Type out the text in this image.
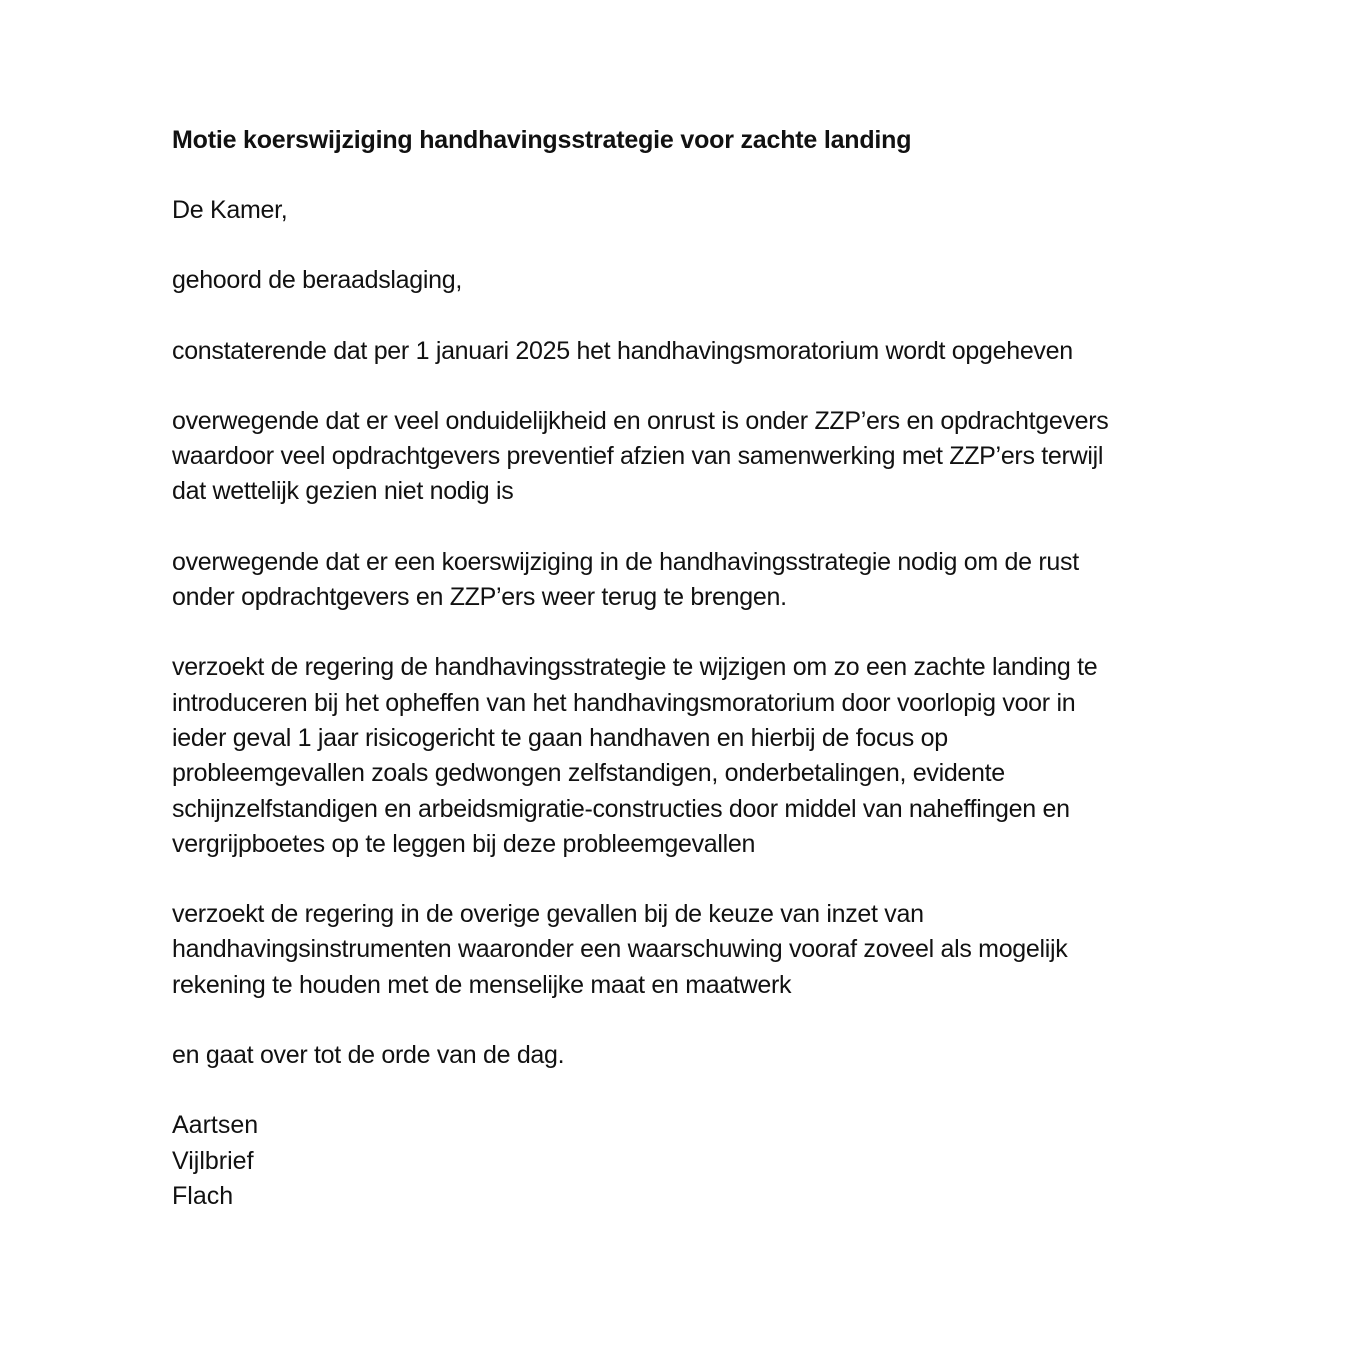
Motie koerswijziging handhavingsstrategie voor zachte landing

De Kamer,

gehoord de beraadslaging,

constaterende dat per 1 januari 2025 het handhavingsmoratorium wordt opgeheven

overwegende dat er veel onduidelijkheid en onrust is onder ZZP’ers en opdrachtgevers
waardoor veel opdrachtgevers preventief afzien van samenwerking met ZZP’ers terwijl
dat wettelijk gezien niet nodig is

overwegende dat er een koerswijziging in de handhavingsstrategie nodig om de rust
onder opdrachtgevers en ZZP’ers weer terug te brengen.

verzoekt de regering de handhavingsstrategie te wijzigen om zo een zachte landing te
introduceren bij het opheffen van het handhavingsmoratorium door voorlopig voor in
ieder geval 1 jaar risicogericht te gaan handhaven en hierbij de focus op
probleemgevallen zoals gedwongen zelfstandigen, onderbetalingen, evidente
schijnzelfstandigen en arbeidsmigratie-constructies door middel van naheffingen en
vergrijpboetes op te leggen bij deze probleemgevallen

verzoekt de regering in de overige gevallen bij de keuze van inzet van
handhavingsinstrumenten waaronder een waarschuwing vooraf zoveel als mogelijk
rekening te houden met de menselijke maat en maatwerk

en gaat over tot de orde van de dag.

Aartsen
Vijlbrief
Flach
